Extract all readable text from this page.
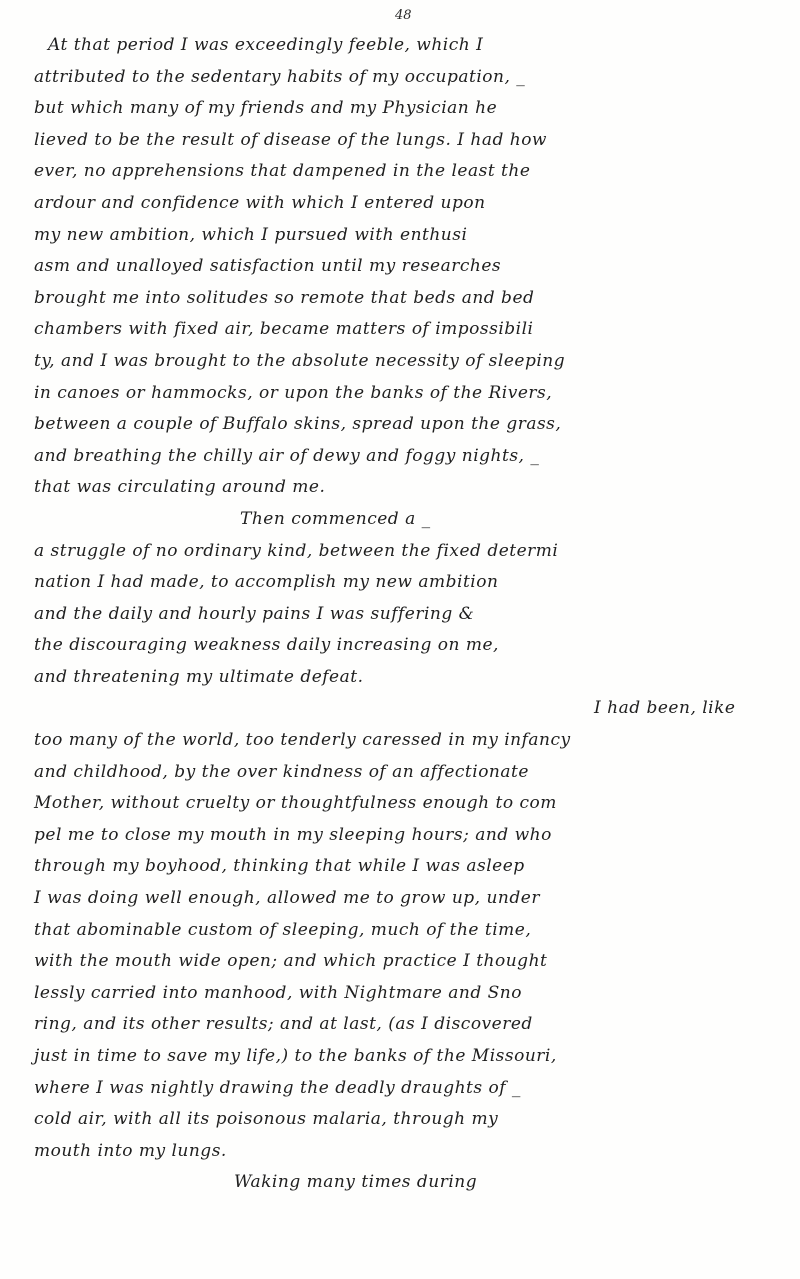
48
At that period I was exceedingly feeble, which I
attributed to the sedentary habits of my occupation, _
but which many of my friends and my Physician he
lieved to be the result of disease of the lungs. I had how
ever, no apprehensions that dampened in the least the
ardour and confidence with which I entered upon
my new ambition, which I pursued with enthusi
asm and unalloyed satisfaction until my researches
brought me into solitudes so remote that beds and bed
chambers with fixed air, became matters of impossibili
ty, and I was brought to the absolute necessity of sleeping
in canoes or hammocks, or upon the banks of the Rivers,
between a couple of Buffalo skins, spread upon the grass,
and breathing the chilly air of dewy and foggy nights, _
that was circulating around me.
Then commenced a _
a struggle of no ordinary kind, between the fixed determi
nation I had made, to accomplish my new ambition
and the daily and hourly pains I was suffering &
the discouraging weakness daily increasing on me,
and threatening my ultimate defeat.
I had been, like
too many of the world, too tenderly caressed in my infancy
and childhood, by the over kindness of an affectionate
Mother, without cruelty or thoughtfulness enough to com
pel me to close my mouth in my sleeping hours; and who
through my boyhood, thinking that while I was asleep
I was doing well enough, allowed me to grow up, under
that abominable custom of sleeping, much of the time,
with the mouth wide open; and which practice I thought
lessly carried into manhood, with Nightmare and Sno
ring, and its other results; and at last, (as I discovered
just in time to save my life,) to the banks of the Missouri,
where I was nightly drawing the deadly draughts of _
cold air, with all its poisonous malaria, through my
mouth into my lungs.
Waking many times during
